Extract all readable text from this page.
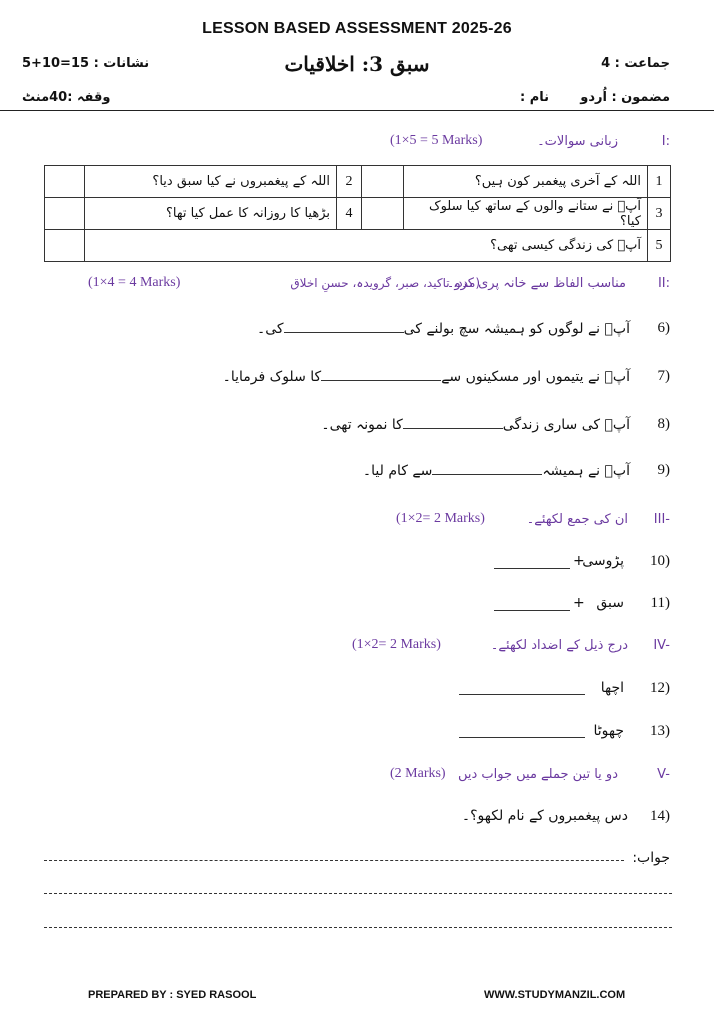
LESSON BASED ASSESSMENT 2025-26
جماعت : 4
سبق 3: اخلاقیات
نشانات : 15=10+5
مضمون : اُردو
نام :
وقفہ :40منٹ
I:
زبانی سوالات۔
(1×5 = 5 Marks)
	اللہ کے پیغمبروں نے کیا سبق دیا؟	2		اللہ کے آخری پیغمبر کون ہیں؟	1
	بڑھیا کا روزانہ کا عمل کیا تھا؟	4		آپؐ نے ستانے والوں کے ساتھ کیا سلوک کیا؟	3
	آپؐ کی زندگی کیسی تھی؟				5
II:
مناسب الفاظ سے خانہ پری کرو۔
(مدد، تاکید، صبر، گرویدہ، حسنِ اخلاق
(1×4 = 4 Marks)
6)
آپؐ نے لوگوں کو ہمیشہ سچ بولنے کیکی۔
7)
آپؐ نے یتیموں اور مسکینوں سےکا سلوک فرمایا۔
8)
آپؐ کی ساری زندگیکا نمونہ تھی۔
9)
آپؐ نے ہمیشہسے کام لیا۔
III-
ان کی جمع لکھئے۔
(1×2= 2 Marks)
10)
پڑوسی
+
11)
سبق
+
IV-
درج ذیل کے اضداد لکھئے۔
(1×2= 2 Marks)
12)
اچھا
13)
چھوٹا
V-
دو یا تین جملے میں جواب دیں
(2 Marks)
14)
دس پیغمبروں کے نام لکھو؟۔
جواب:
PREPARED BY : SYED RASOOL	WWW.STUDYMANZIL.COM
